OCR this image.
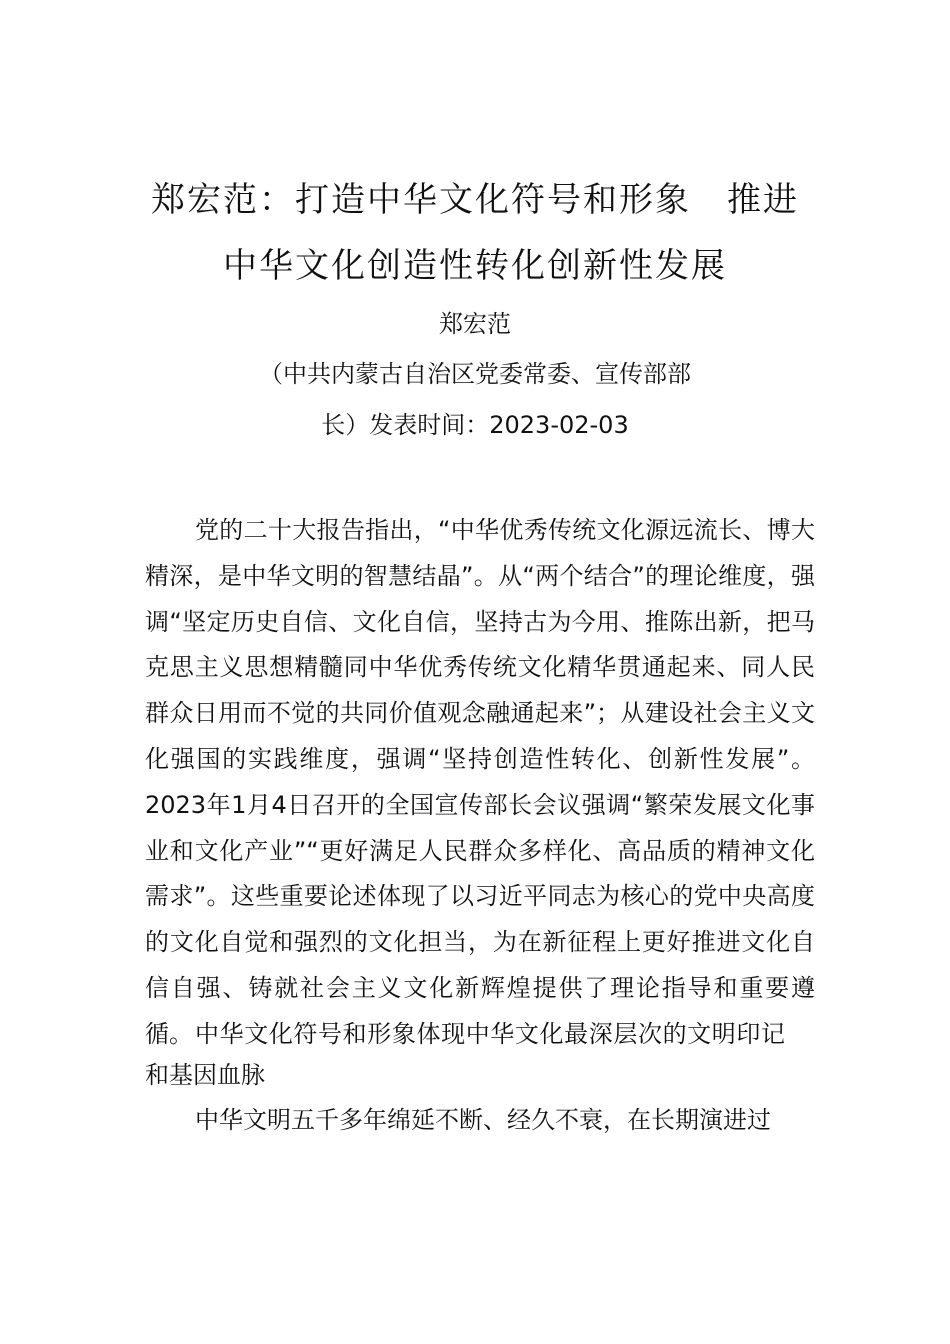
郑宏范：打造中华文化符号和形象　推进
中华文化创造性转化创新性发展
郑宏范
（中共内蒙古自治区党委常委、宣传部部
长）发表时间：2023-02-03

党的二十大报告指出，“中华优秀传统文化源远流长、博大精深，是中华文明的智慧结晶”。从“两个结合”的理论维度，强调“坚定历史自信、文化自信，坚持古为今用、推陈出新，把马克思主义思想精髓同中华优秀传统文化精华贯通起来、同人民群众日用而不觉的共同价值观念融通起来”；从建设社会主义文化强国的实践维度，强调“坚持创造性转化、创新性发展”。2023年1月4日召开的全国宣传部长会议强调“繁荣发展文化事业和文化产业”“更好满足人民群众多样化、高品质的精神文化需求”。这些重要论述体现了以习近平同志为核心的党中央高度的文化自觉和强烈的文化担当，为在新征程上更好推进文化自信自强、铸就社会主义文化新辉煌提供了理论指导和重要遵循。 中华文化符号和形象体现中华文化最深层次的文明印记和基因血脉

中华文明五千多年绵延不断、经久不衰，在长期演进过
